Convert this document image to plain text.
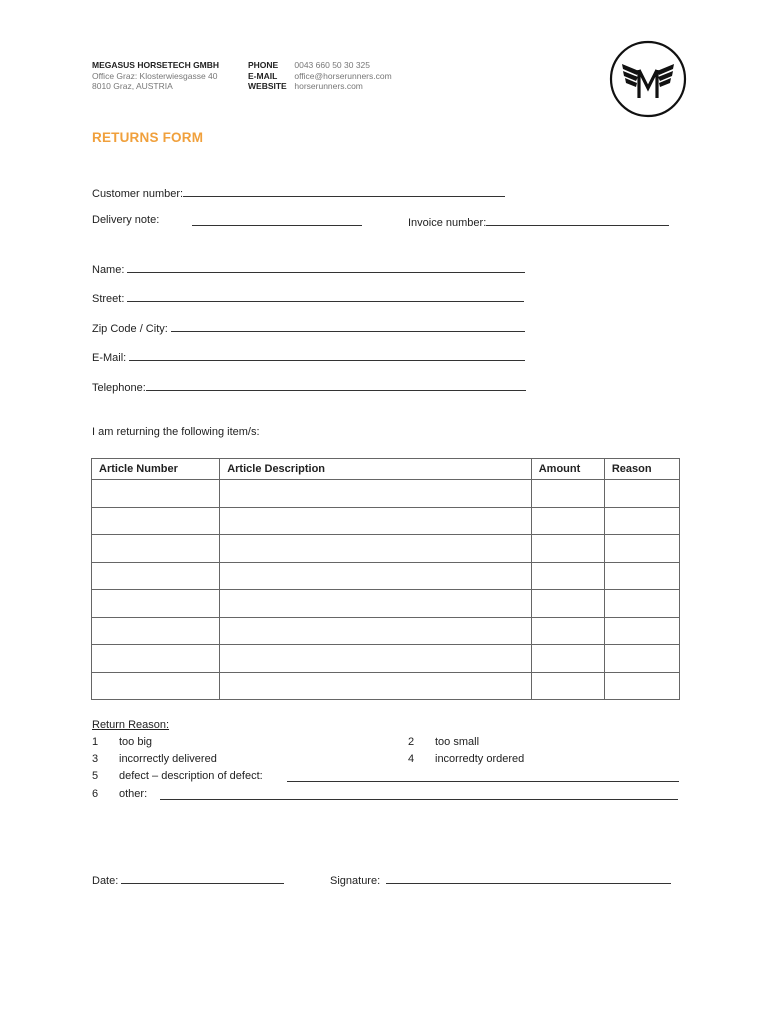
MEGASUS HORSETECH GMBH
Office Graz: Klosterwiesgasse 40
8010 Graz, AUSTRIA
PHONE 0043 660 50 30 325
E-MAIL office@horserunners.com
WEBSITE horserunners.com
RETURNS FORM
Customer number:
Delivery note:	Invoice number:
Name:
Street:
Zip Code / City:
E-Mail:
Telephone:
I am returning the following item/s:
Article Number	Article Description	Amount	Reason

Return Reason:
1 too big	2 too small
3 incorrectly delivered	4 incorredty ordered
5 defect – description of defect:
6 other:
Date:	Signature:
